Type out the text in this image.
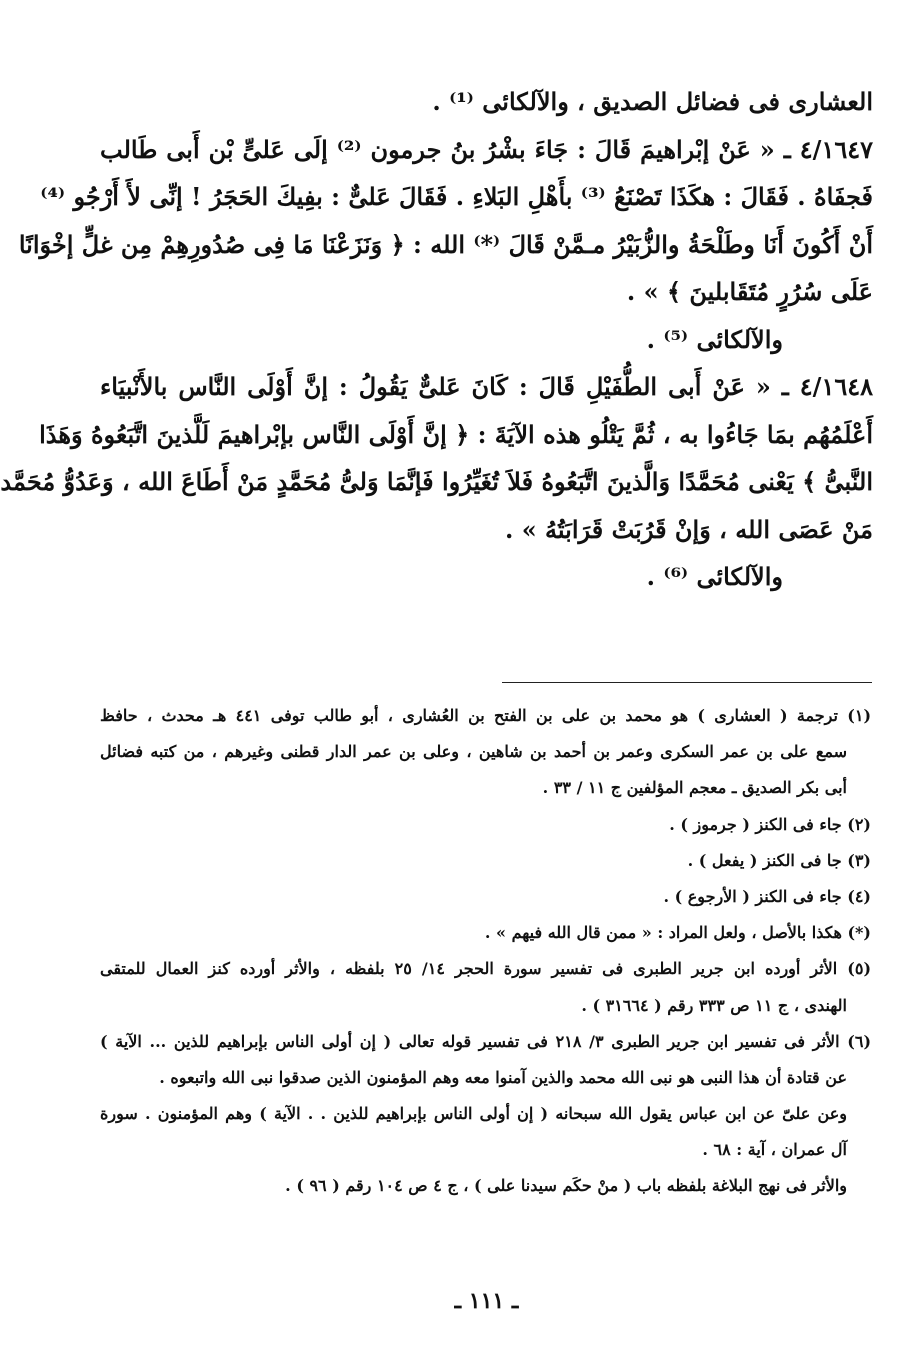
العشارى فى فضائل الصديق ، والآلكائى ⁽¹⁾ .
٤/١٦٤٧ ـ « عَنْ إبْراهيمَ قَالَ : جَاءَ بشْرُ بنُ جرمون ⁽²⁾ إلَى عَلىٍّ بْن أَبى طَالب
فَجفَاهُ . فَقَالَ : هكَذَا تَصْنَعُ ⁽³⁾ بأَهْلِ البَلاءِ . فَقَالَ عَلىٌّ : بفِيكَ الحَجَرُ ! إنِّى لأَ أَرْجُو ⁽⁴⁾
أَنْ أَكُونَ أَنَا وطَلْحَةُ والزُّبَيْرُ مـمَّنْ قَالَ ⁽*⁾ الله : ﴿ وَنَزَعْنَا مَا فِى صُدُورِهِمْ مِن غلٍّ إخْوَانًا
عَلَى سُرُرٍ مُتَقَابلينَ ﴾ » .
والآلكائى ⁽⁵⁾ .
٤/١٦٤٨ ـ « عَنْ أَبى الطُّفَيْلِ قَالَ : كَانَ عَلىٌّ يَقُولُ : إنَّ أَوْلَى النَّاس بالأَنْبيَاء
أَعْلَمُهُم بمَا جَاءُوا به ، ثُمَّ يَتْلُو هذه الآيَةَ : ﴿ إنَّ أَوْلَى النَّاس بإبْراهيمَ لَلَّذينَ اتَّبَعُوهُ وَهَذَا
النَّبىُّ ﴾ يَعْنى مُحَمَّدًا وَالَّذينَ اتَّبَعُوهُ فَلاَ تُغَيِّرُوا فَإنَّمَا وَلىُّ مُحَمَّدٍ مَنْ أَطَاعَ الله ، وَعَدُوُّ مُحَمَّد
مَنْ عَصَى الله ، وَإنْ قَرُبَتْ قَرَابَتُهُ » .
والآلكائى ⁽⁶⁾ .
(١) ترجمة ( العشارى ) هو محمد بن على بن الفتح بن العُشارى ، أبو طالب توفى ٤٤١ هـ محدث ، حافظ
سمع على بن عمر السكرى وعمر بن أحمد بن شاهين ، وعلى بن عمر الدار قطنى وغيرهم ، من كتبه فضائل
أبى بكر الصديق ـ معجم المؤلفين ج ١١ / ٣٣ .
(٢) جاء فى الكنز ( جرموز ) .
(٣) جا فى الكنز ( يفعل ) .
(٤) جاء فى الكنز ( الأرجوع ) .
(*) هكذا بالأصل ، ولعل المراد : « ممن قال الله فيهم » .
(٥) الأثر أورده ابن جرير الطبرى فى تفسير سورة الحجر ١٤/ ٢٥ بلفظه ، والأثر أورده كنز العمال للمتقى
الهندى ، ج ١١ ص ٣٣٣ رقم ( ٣١٦٦٤ ) .
(٦) الأثر فى تفسير ابن جرير الطبرى ٣/ ٢١٨ فى تفسير قوله تعالى ( إن أولى الناس بإبراهيم للذين ... الآية )
عن قتادة أن هذا النبى هو نبى الله محمد والذين آمنوا معه وهم المؤمنون الذين صدقوا نبى الله واتبعوه .
وعن علىّ عن ابن عباس يقول الله سبحانه ( إن أولى الناس بإبراهيم للذين . . الآية ) وهم المؤمنون . سورة
آل عمران ، آية : ٦٨ .
والأثر فى نهج البلاغة بلفظه باب ( منْ حكَم سيدنا على ) ، ج ٤ ص ١٠٤ رقم ( ٩٦ ) .
ـ ١١١ ـ
